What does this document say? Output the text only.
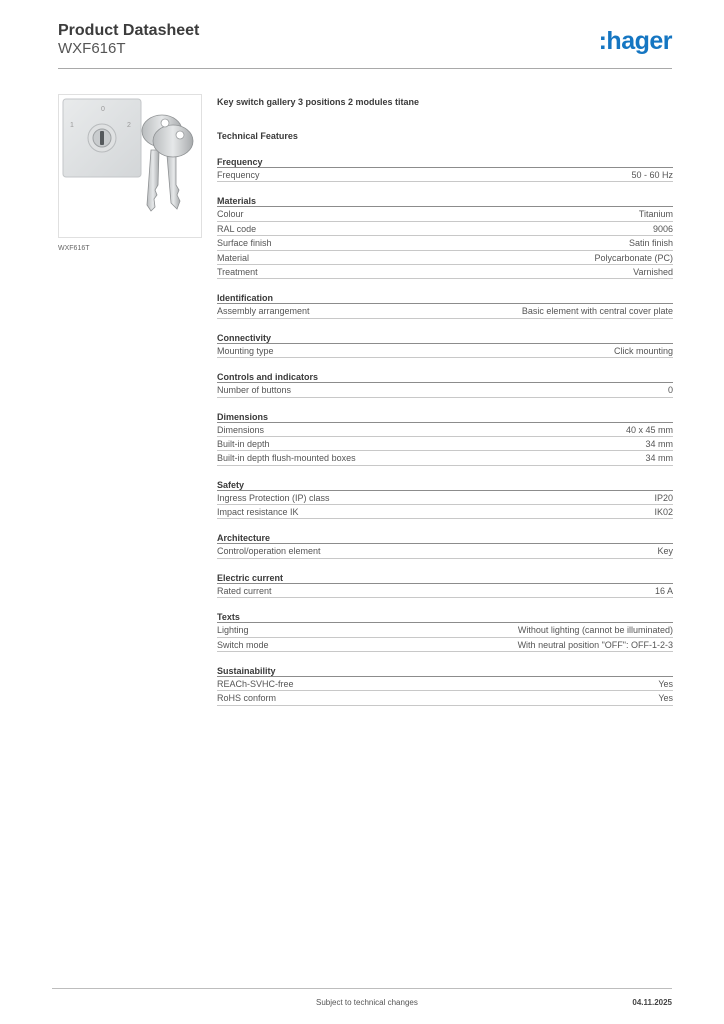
Product Datasheet
WXF616T	:hager
0
1	2
WXF616T
Key switch gallery 3 positions 2 modules titane
Technical Features
Frequency
Frequency	50 - 60 Hz
Materials
Colour	Titanium
RAL code	9006
Surface finish	Satin finish
Material	Polycarbonate (PC)
Treatment	Varnished
Identification
Assembly arrangement	Basic element with central cover plate
Connectivity
Mounting type	Click mounting
Controls and indicators
Number of buttons	0
Dimensions
Dimensions	40 x 45 mm
Built-in depth	34 mm
Built-in depth flush-mounted boxes	34 mm
Safety
Ingress Protection (IP) class	IP20
Impact resistance IK	IK02
Architecture
Control/operation element	Key
Electric current
Rated current	16 A
Texts
Lighting	Without lighting (cannot be illuminated)
Switch mode	With neutral position "OFF": OFF-1-2-3
Sustainability
REACh-SVHC-free	Yes
RoHS conform	Yes
Subject to technical changes	04.11.2025
